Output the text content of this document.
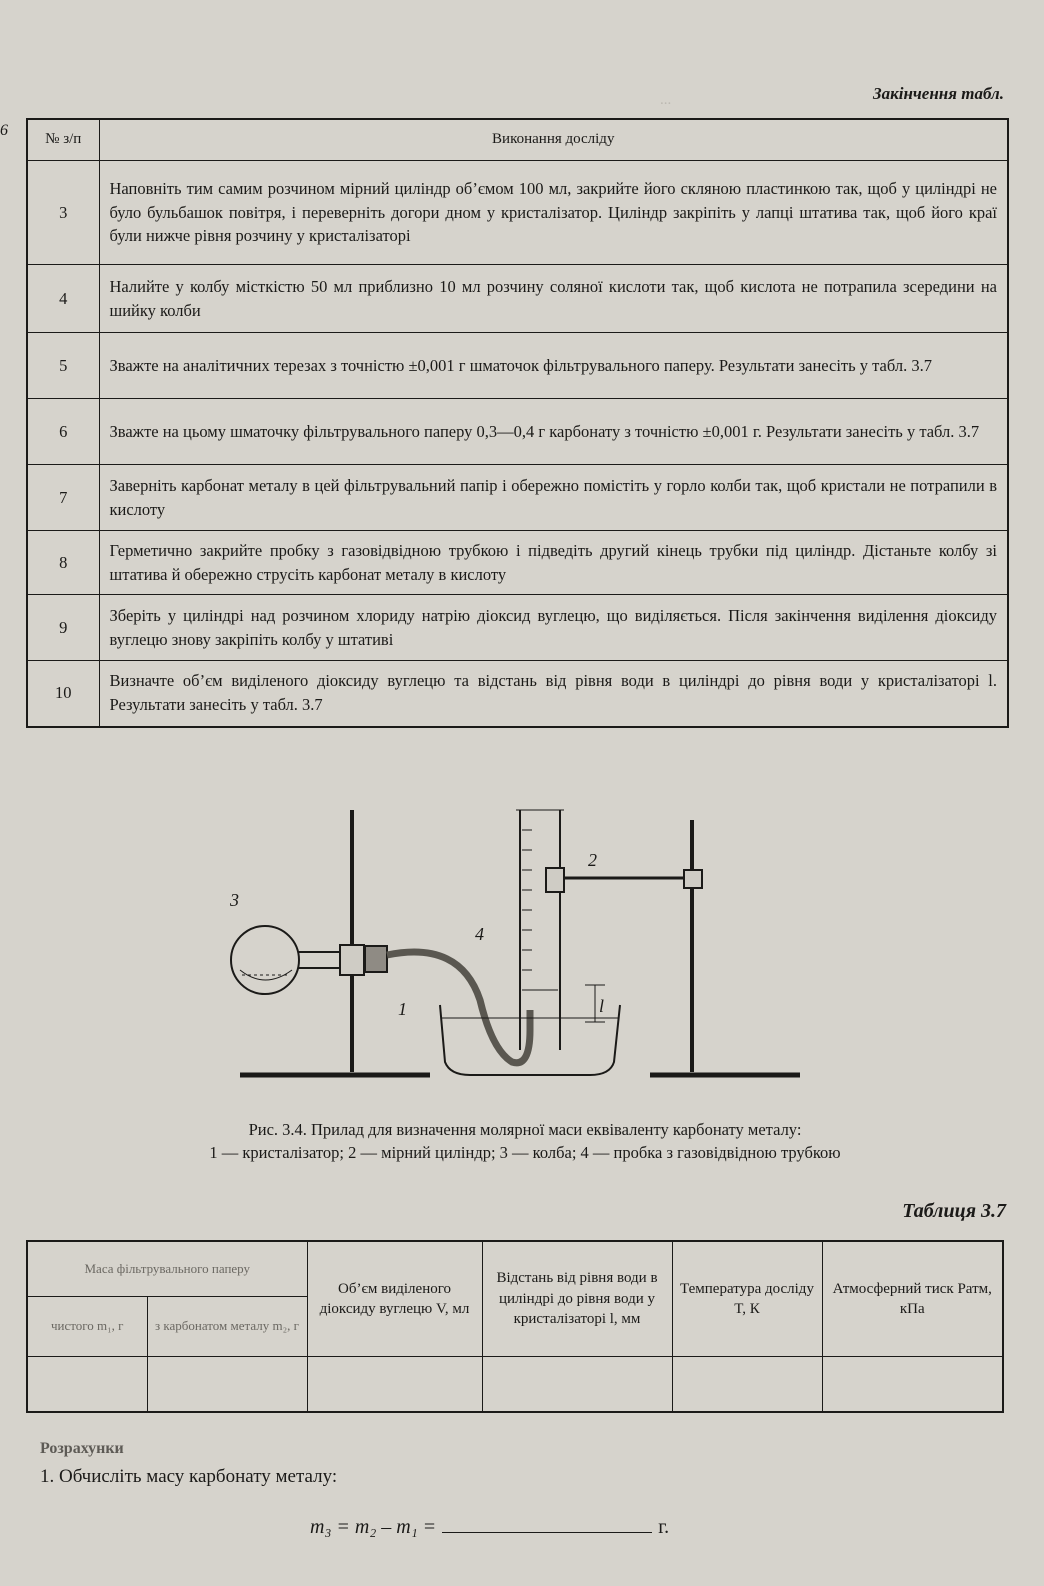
...
6
Закінчення табл.
№ з/п	Виконання досліду
3	Наповніть тим самим розчином мірний циліндр об’ємом 100 мл, закрийте його скляною пластинкою так, щоб у циліндрі не було бульбашок повітря, і переверніть догори дном у кристалізатор. Циліндр закріпіть у лапці штатива так, щоб його краї були нижче рівня розчину у кристалізаторі
4	Налийте у колбу місткістю 50 мл приблизно 10 мл розчину соляної кислоти так, щоб кислота не потрапила зсередини на шийку колби
5	Зважте на аналітичних терезах з точністю ±0,001 г шматочок фільтрувального паперу. Результати занесіть у табл. 3.7
6	Зважте на цьому шматочку фільтрувального паперу 0,3—0,4 г карбонату з точністю ±0,001 г. Результати занесіть у табл. 3.7
7	Заверніть карбонат металу в цей фільтрувальний папір і обережно помістіть у горло колби так, щоб кристали не потрапили в кислоту
8	Герметично закрийте пробку з газовідвідною трубкою і підведіть другий кінець трубки під циліндр. Дістаньте колбу зі штатива й обережно струсіть карбонат металу в кислоту
9	Зберіть у циліндрі над розчином хлориду натрію діоксид вуглецю, що виділяється. Після закінчення виділення діоксиду вуглецю знову закріпіть колбу у штативі
10	Визначте об’єм виділеного діоксиду вуглецю та відстань від рівня води в циліндрі до рівня води у кристалізаторі l. Результати занесіть у табл. 3.7
1
2
3
4
l
Рис. 3.4. Прилад для визначення молярної маси еквіваленту карбонату металу:
1 — кристалізатор; 2 — мірний циліндр; 3 — колба; 4 — пробка з газовідвідною трубкою
Таблиця 3.7
Маса фільтрувального паперу		Об’єм виділеного діоксиду вуглецю V, мл	Відстань від рівня води в циліндрі до рівня води у кристалізаторі l, мм	Температура досліду T, К	Атмосферний тиск Pатм, кПа
чистого m₁, г	з карбонатом металу m₂, г				

Розрахунки
1. Обчисліть масу карбонату металу:
m₃ = m₂ – m₁ =	г.
